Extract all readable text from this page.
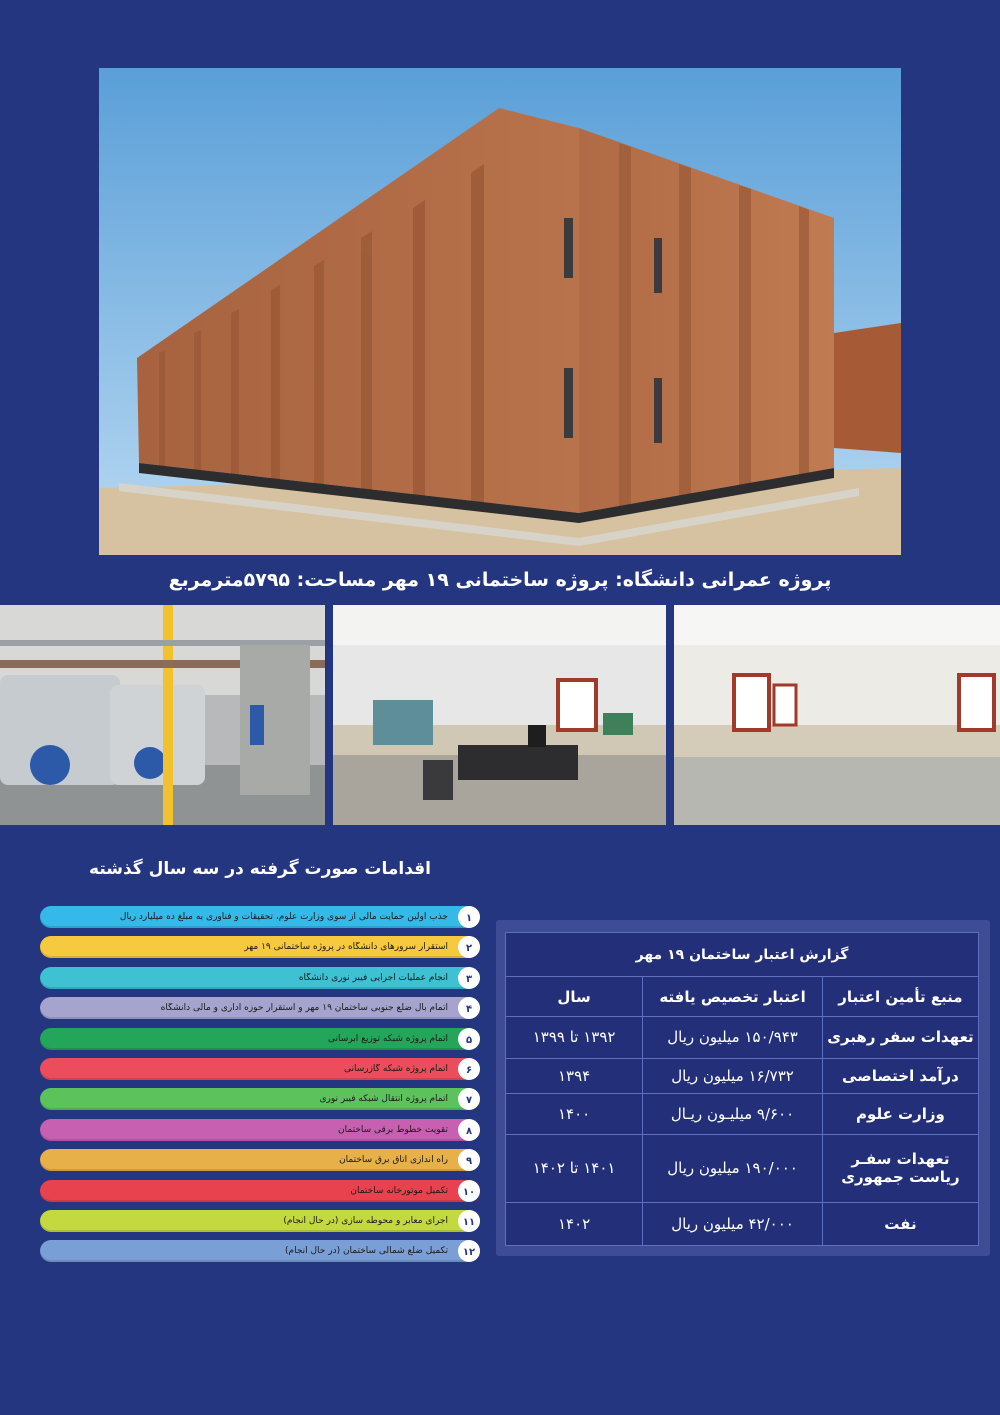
پروژه عمرانی دانشگاه: پروژه ساختمانی ۱۹ مهر مساحت: ۵۷۹۵مترمربع
اقدامات صورت گرفته در سه سال گذشته
۱
جذب اولین حمایت مالی از سوی وزارت علوم، تحقیقات و فناوری به مبلغ ده میلیارد ریال
۲
استقرار سرورهای دانشگاه در پروژه ساختمانی ۱۹ مهر
۳
انجام عملیات اجرایی فیبر نوری دانشگاه
۴
اتمام بال ضلع جنوبی ساختمان ۱۹ مهر و استقرار حوزه اداری و مالی دانشگاه
۵
اتمام پروژه شبکه توزیع آبرسانی
۶
اتمام پروژه شبکه گازرسانی
۷
اتمام پروژه انتقال شبکه فیبر نوری
۸
تقویت خطوط برقی ساختمان
۹
راه اندازی اتاق برق ساختمان
۱۰
تکمیل موتورخانه ساختمان
۱۱
اجرای معابر و محوطه سازی (در حال انجام)
۱۲
تکمیل ضلع شمالی ساختمان (در حال انجام)
گزارش اعتبار ساختمان ۱۹ مهر		
منبع تأمین اعتبار	اعتبار تخصیص یافته	سال
تعهدات سفر رهبری	۱۵۰/۹۴۳ میلیون ریال	۱۳۹۲ تا ۱۳۹۹
درآمد اختصاصی	۱۶/۷۳۲ میلیون ریال	۱۳۹۴
وزارت علوم	۹/۶۰۰ میلیـون ریـال	۱۴۰۰
تعهدات سفـر ریاست جمهوری	۱۹۰/۰۰۰ میلیون ریال	۱۴۰۱ تا ۱۴۰۲
نفت	۴۲/۰۰۰ میلیون ریال	۱۴۰۲
